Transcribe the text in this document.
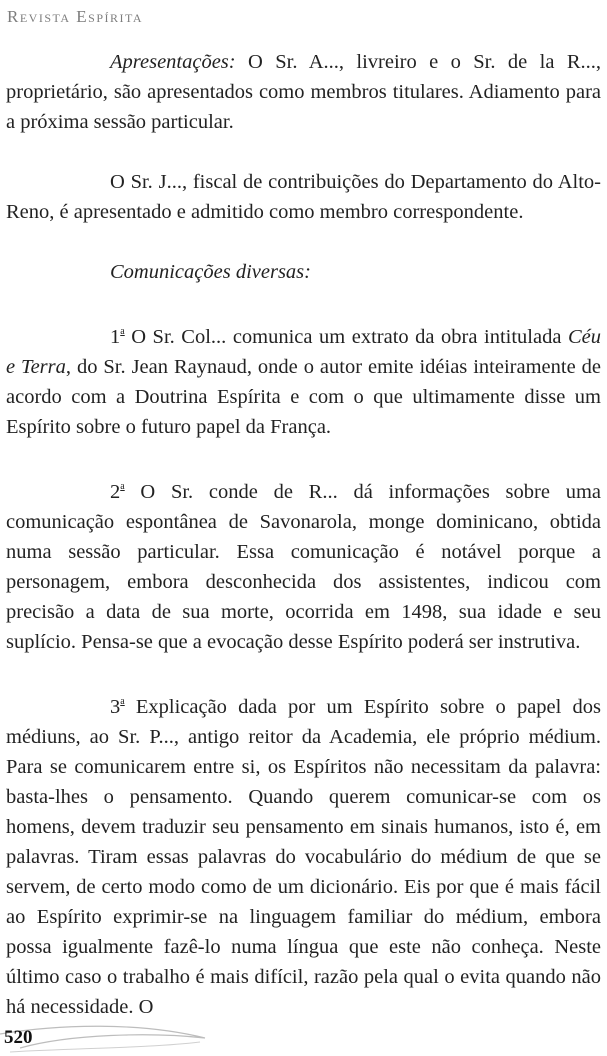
Revista Espírita

Apresentações: O Sr. A..., livreiro e o Sr. de la R..., proprietário, são apresentados como membros titulares. Adiamento para a próxima sessão particular.

O Sr. J..., fiscal de contribuições do Departamento do Alto-Reno, é apresentado e admitido como membro correspondente.

Comunicações diversas:

1$^a$ O Sr. Col... comunica um extrato da obra intitulada Céu e Terra, do Sr. Jean Raynaud, onde o autor emite idéias inteiramente de acordo com a Doutrina Espírita e com o que ultimamente disse um Espírito sobre o futuro papel da França.

2$^a$ O Sr. conde de R... dá informações sobre uma comunicação espontânea de Savonarola, monge dominicano, obtida numa sessão particular. Essa comunicação é notável porque a personagem, embora desconhecida dos assistentes, indicou com precisão a data de sua morte, ocorrida em 1498, sua idade e seu suplício. Pensa-se que a evocação desse Espírito poderá ser instrutiva.

3$^a$ Explicação dada por um Espírito sobre o papel dos médiuns, ao Sr. P..., antigo reitor da Academia, ele próprio médium. Para se comunicarem entre si, os Espíritos não necessitam da palavra: basta-lhes o pensamento. Quando querem comunicar-se com os homens, devem traduzir seu pensamento em sinais humanos, isto é, em palavras. Tiram essas palavras do vocabulário do médium de que se servem, de certo modo como de um dicionário. Eis por que é mais fácil ao Espírito exprimir-se na linguagem familiar do médium, embora possa igualmente fazê-lo numa língua que este não conheça. Neste último caso o trabalho é mais difícil, razão pela qual o evita quando não há necessidade. O

520
